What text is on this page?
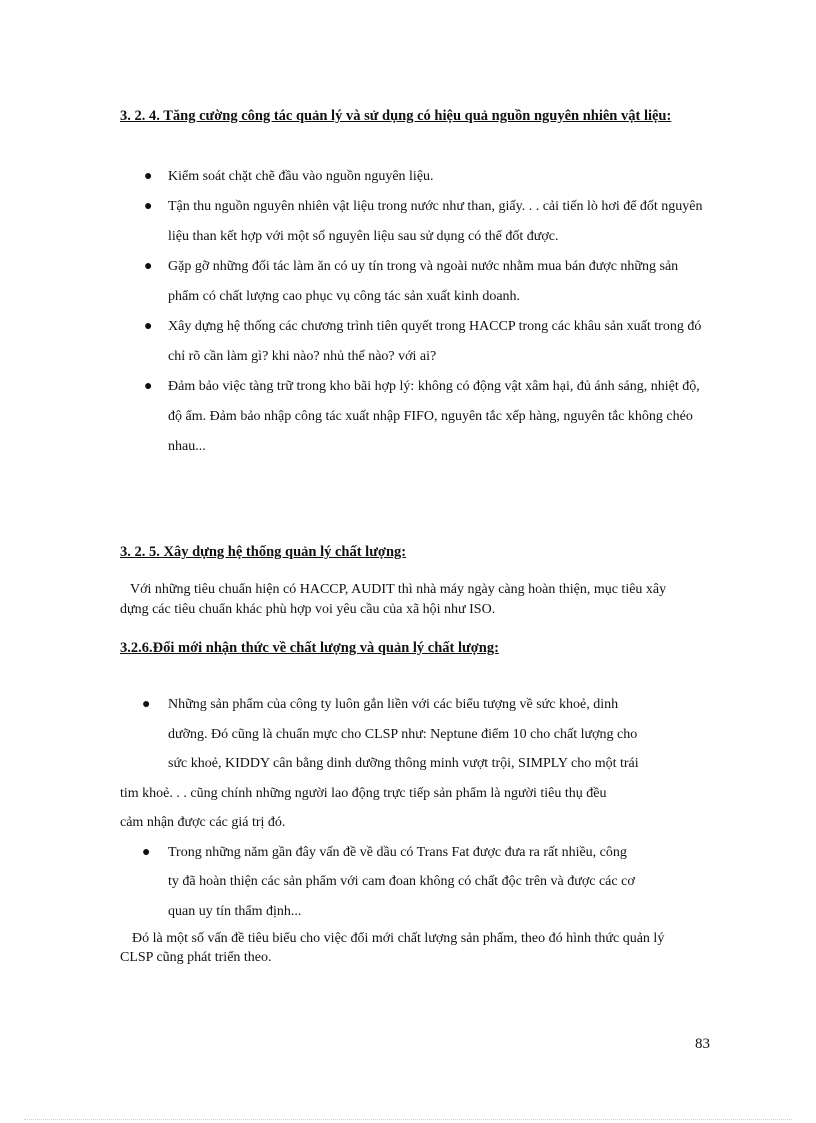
3. 2. 4. Tăng cường công tác quản lý và sử dụng có hiệu quả nguồn nguyên nhiên vật liệu:
● Kiểm soát chặt chẽ đầu vào nguồn nguyên liệu.
● Tận thu nguồn nguyên nhiên vật liệu trong nước như than, giấy. . . cải tiến lò hơi để đốt nguyên liệu than kết hợp với một số nguyên liệu sau sử dụng có thể đốt được.
● Gặp gỡ những đối tác làm ăn có uy tín trong và ngoài nước nhằm mua bán được những sản phẩm có chất lượng cao phục vụ công tác sản xuất kinh doanh.
● Xây dựng hệ thống các chương trình tiên quyết trong HACCP trong các khâu sản xuất trong đó chỉ rõ cần làm gì? khi nào? nhủ thế nào? với ai?
● Đảm bảo việc tàng trữ trong kho bãi hợp lý: không có động vật xâm hại, đủ ánh sáng, nhiệt độ, độ ẩm. Đảm bảo nhập công tác xuất nhập FIFO, nguyên tắc xếp hàng, nguyên tắc không chéo nhau...
3. 2. 5. Xây dựng hệ thống quản lý chất lượng:

Với những tiêu chuẩn hiện có HACCP, AUDIT thì nhà máy ngày càng hoàn thiện, mục tiêu xây dựng các tiêu chuẩn khác phù hợp voi yêu cầu của xã hội như ISO.

3.2.6.Đổi mới nhận thức về chất lượng và quản lý chất lượng:
●	Những sản phẩm của công ty luôn gắn liền với các biểu tượng về sức khoẻ, dinh
dưỡng. Đó cũng là chuẩn mực cho CLSP như: Neptune điểm 10 cho chất lượng cho
sức khoẻ, KIDDY cân bằng dinh dưỡng thông minh vượt trội, SIMPLY cho một trái
tim khoẻ. . . cũng chính những người lao động trực tiếp sản phẩm là người tiêu thụ đều
cảm nhận được các giá trị đó.
●	Trong những năm gần đây vấn đề về dầu có Trans Fat được đưa ra rất nhiều, công
ty đã hoàn thiện các sản phẩm với cam đoan không có chất độc trên và được các cơ
quan uy tín thẩm định...

Đó là một số vấn đề tiêu biểu cho việc đổi mới chất lượng sản phẩm, theo đó hình thức quản lý CLSP cũng phát triển theo.

83
